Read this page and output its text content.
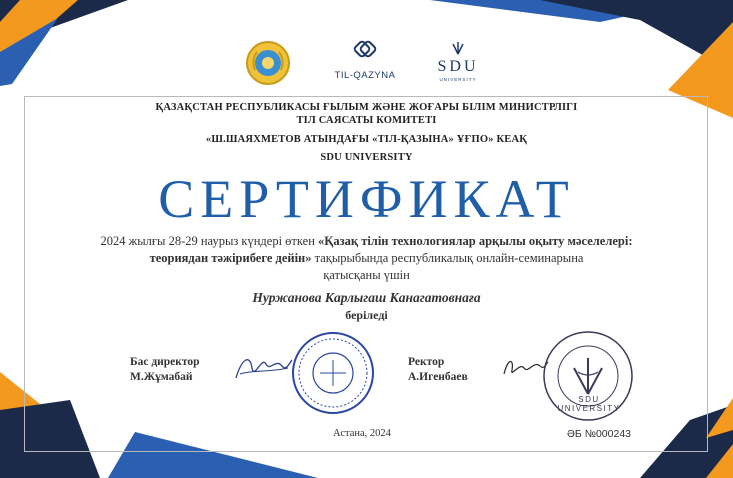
TIL-QAZYNA
SDU
UNIVERSITY
ҚАЗАҚСТАН РЕСПУБЛИКАСЫ ҒЫЛЫМ ЖӘНЕ ЖОҒАРЫ БІЛІМ МИНИСТРЛІГІ
ТІЛ САЯСАТЫ КОМИТЕТІ
«Ш.ШАЯХМЕТОВ АТЫНДАҒЫ «ТІЛ-ҚАЗЫНА» ҰҒПО» КЕАҚ
SDU UNIVERSITY
СЕРТИФИКАТ
2024 жылғы 28-29 наурыз күндері өткен «Қазақ тілін технологиялар арқылы оқыту мәселелері:
теориядан тәжірибеге дейін» тақырыбында республикалық онлайн-семинарына
қатысқаны үшін
Нуржанова Карлыгаш Канагатовнаға
беріледі
Бас директор
М.Жұмабай
Ректор
А.Игенбаев
SDU UNIVERSITY
Астана, 2024	ӘБ №000243
